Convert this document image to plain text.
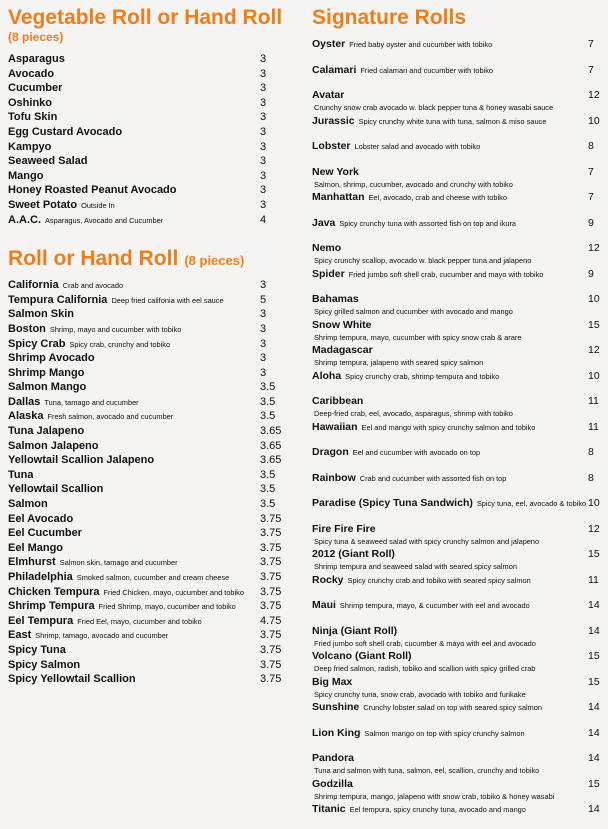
Vegetable Roll or Hand Roll
(8 pieces)
Asparagus	3
Avocado	3
Cucumber	3
Oshinko	3
Tofu Skin	3
Egg Custard Avocado	3
Kampyo	3
Seaweed Salad	3
Mango	3
Honey Roasted Peanut Avocado	3
Sweet Potato Outside In	3
A.A.C. Asparagus, Avocado and Cucumber	4
Roll or Hand Roll (8 pieces)
California Crab and avocado	3
Tempura California Deep fried califonia with eel sauce	5
Salmon Skin	3
Boston Shrimp, mayo and cucumber with tobiko	3
Spicy Crab Spicy crab, crunchy and tobiko	3
Shrimp Avocado	3
Shrimp Mango	3
Salmon Mango	3.5
Dallas Tuna, tamago and cucumber	3.5
Alaska Fresh salmon, avocado and cucumber	3.5
Tuna Jalapeno	3.65
Salmon Jalapeno	3.65
Yellowtail Scallion Jalapeno	3.65
Tuna	3.5
Yellowtail Scallion	3.5
Salmon	3.5
Eel Avocado	3.75
Eel Cucumber	3.75
Eel Mango	3.75
Elmhurst Salmon skin, tamago and cucumber	3.75
Philadelphia Smoked salmon, cucumber and cream cheese	3.75
Chicken Tempura Fried Chicken, mayo, cucumber and tobiko 3.75
Shrimp Tempura Fried Shrimp, mayo, cucumber and tobiko 3.75
Eel Tempura Fried Eel, mayo, cucumber and tobiko	4.75
East Shrimp, tamago, avocado and cucumber	3.75
Spicy Tuna	3.75
Spicy Salmon	3.75
Spicy Yellowtail Scallion	3.75
Signature Rolls
Oyster Fried baby oyster and cucumber with tobiko	7
Calamari Fried calamari and cucumber with tobiko	7
Avatar	12
Crunchy snow crab avocado w. black pepper tuna & honey wasabi sauce
Jurassic Spicy crunchy white tuna with tuna, salmon & miso sauce	10
Lobster Lobster salad and avocado with tobiko	8
New York	7
Salmon, shrimp, cucumber, avocado and crunchy with tobiko
Manhattan Eel, avocado, crab and cheese with tobiko	7
Java Spicy crunchy tuna with assorted fish on top and ikura	9
Nemo	12
Spicy crunchy scallop, avocado w. black pepper tuna and jalapeno
Spider Fried jumbo soft shell crab, cucumber and mayo with tobiko	9
Bahamas	10
Spicy grilled salmon and cucumber with avocado and mango
Snow White	15
Shrimp tempura, mayo, cucumber with spicy snow crab & arare
Madagascar	12
Shrimp tempura, jalapeno with seared spicy salmon
Aloha Spicy crunchy crab, shrimp tempura and tobiko	10
Caribbean	11
Deep-fried crab, eel, avocado, asparagus, shrimp with tobiko
Hawaiian Eel and mango with spicy crunchy salmon and tobiko	11
Dragon Eel and cucumber with avocado on top	8
Rainbow Crab and cucumber with assorted fish on top	8
Paradise (Spicy Tuna Sandwich) Spicy tuna, eel, avocado & tobiko 10
Fire Fire Fire	12
Spicy tuna & seaweed salad with spicy crunchy salmon and jalapeno
2012 (Giant Roll)	15
Shrimp tempura and seaweed salad with seared spicy salmon
Rocky Spicy crunchy crab and tobiko with seared spicy salmon	11
Maui Shrimp tempura, mayo, & cucumber with eel and avocado	14
Ninja (Giant Roll)	14
Fried jumbo soft shell crab, cucumber & mayo with eel and avocado
Volcano (Giant Roll)	15
Deep fried salmon, radish, tobiko and scallion with spicy grilled crab
Big Max	15
Spicy crunchy tuna, snow crab, avocado with tobiko and furikake
Sunshine Crunchy lobster salad on top with seared spicy salmon	14
Lion King Salmon mango on top with spicy crunchy salmon	14
Pandora	14
Tuna and salmon with tuna, salmon, eel, scallion, crunchy and tobiko
Godzilla	15
Shrimp tempura, mango, jalapeno with snow crab, tobiko & honey wasabi
Titanic Eel tempura, spicy crunchy tuna, avocado and mango	14
